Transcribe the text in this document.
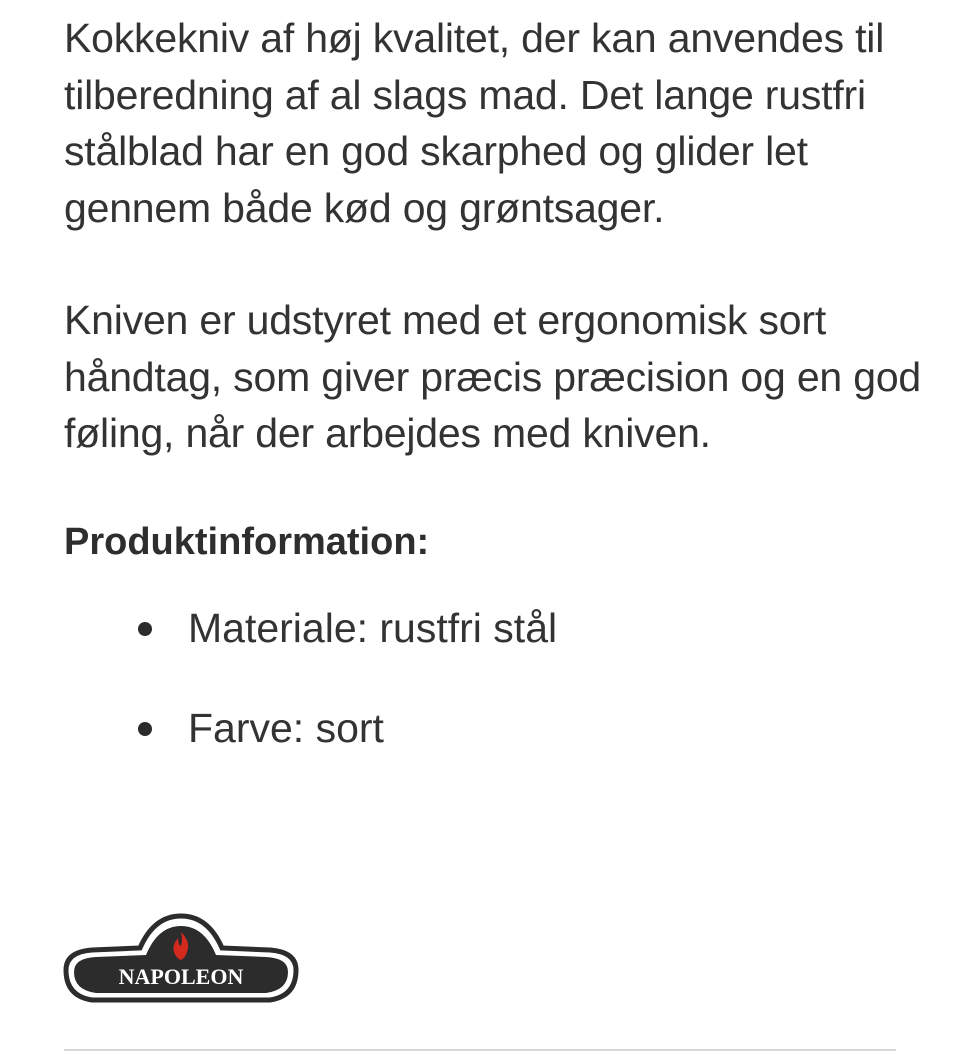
Kokkekniv af høj kvalitet, der kan anvendes til tilberedning af al slags mad. Det lange rustfri stålblad har en god skarphed og glider let gennem både kød og grøntsager.

Kniven er udstyret med et ergonomisk sort håndtag, som giver præcis præcision og en god føling, når der arbejdes med kniven.

Produktinformation:
Materiale: rustfri stål
Farve: sort
NAPOLEON
